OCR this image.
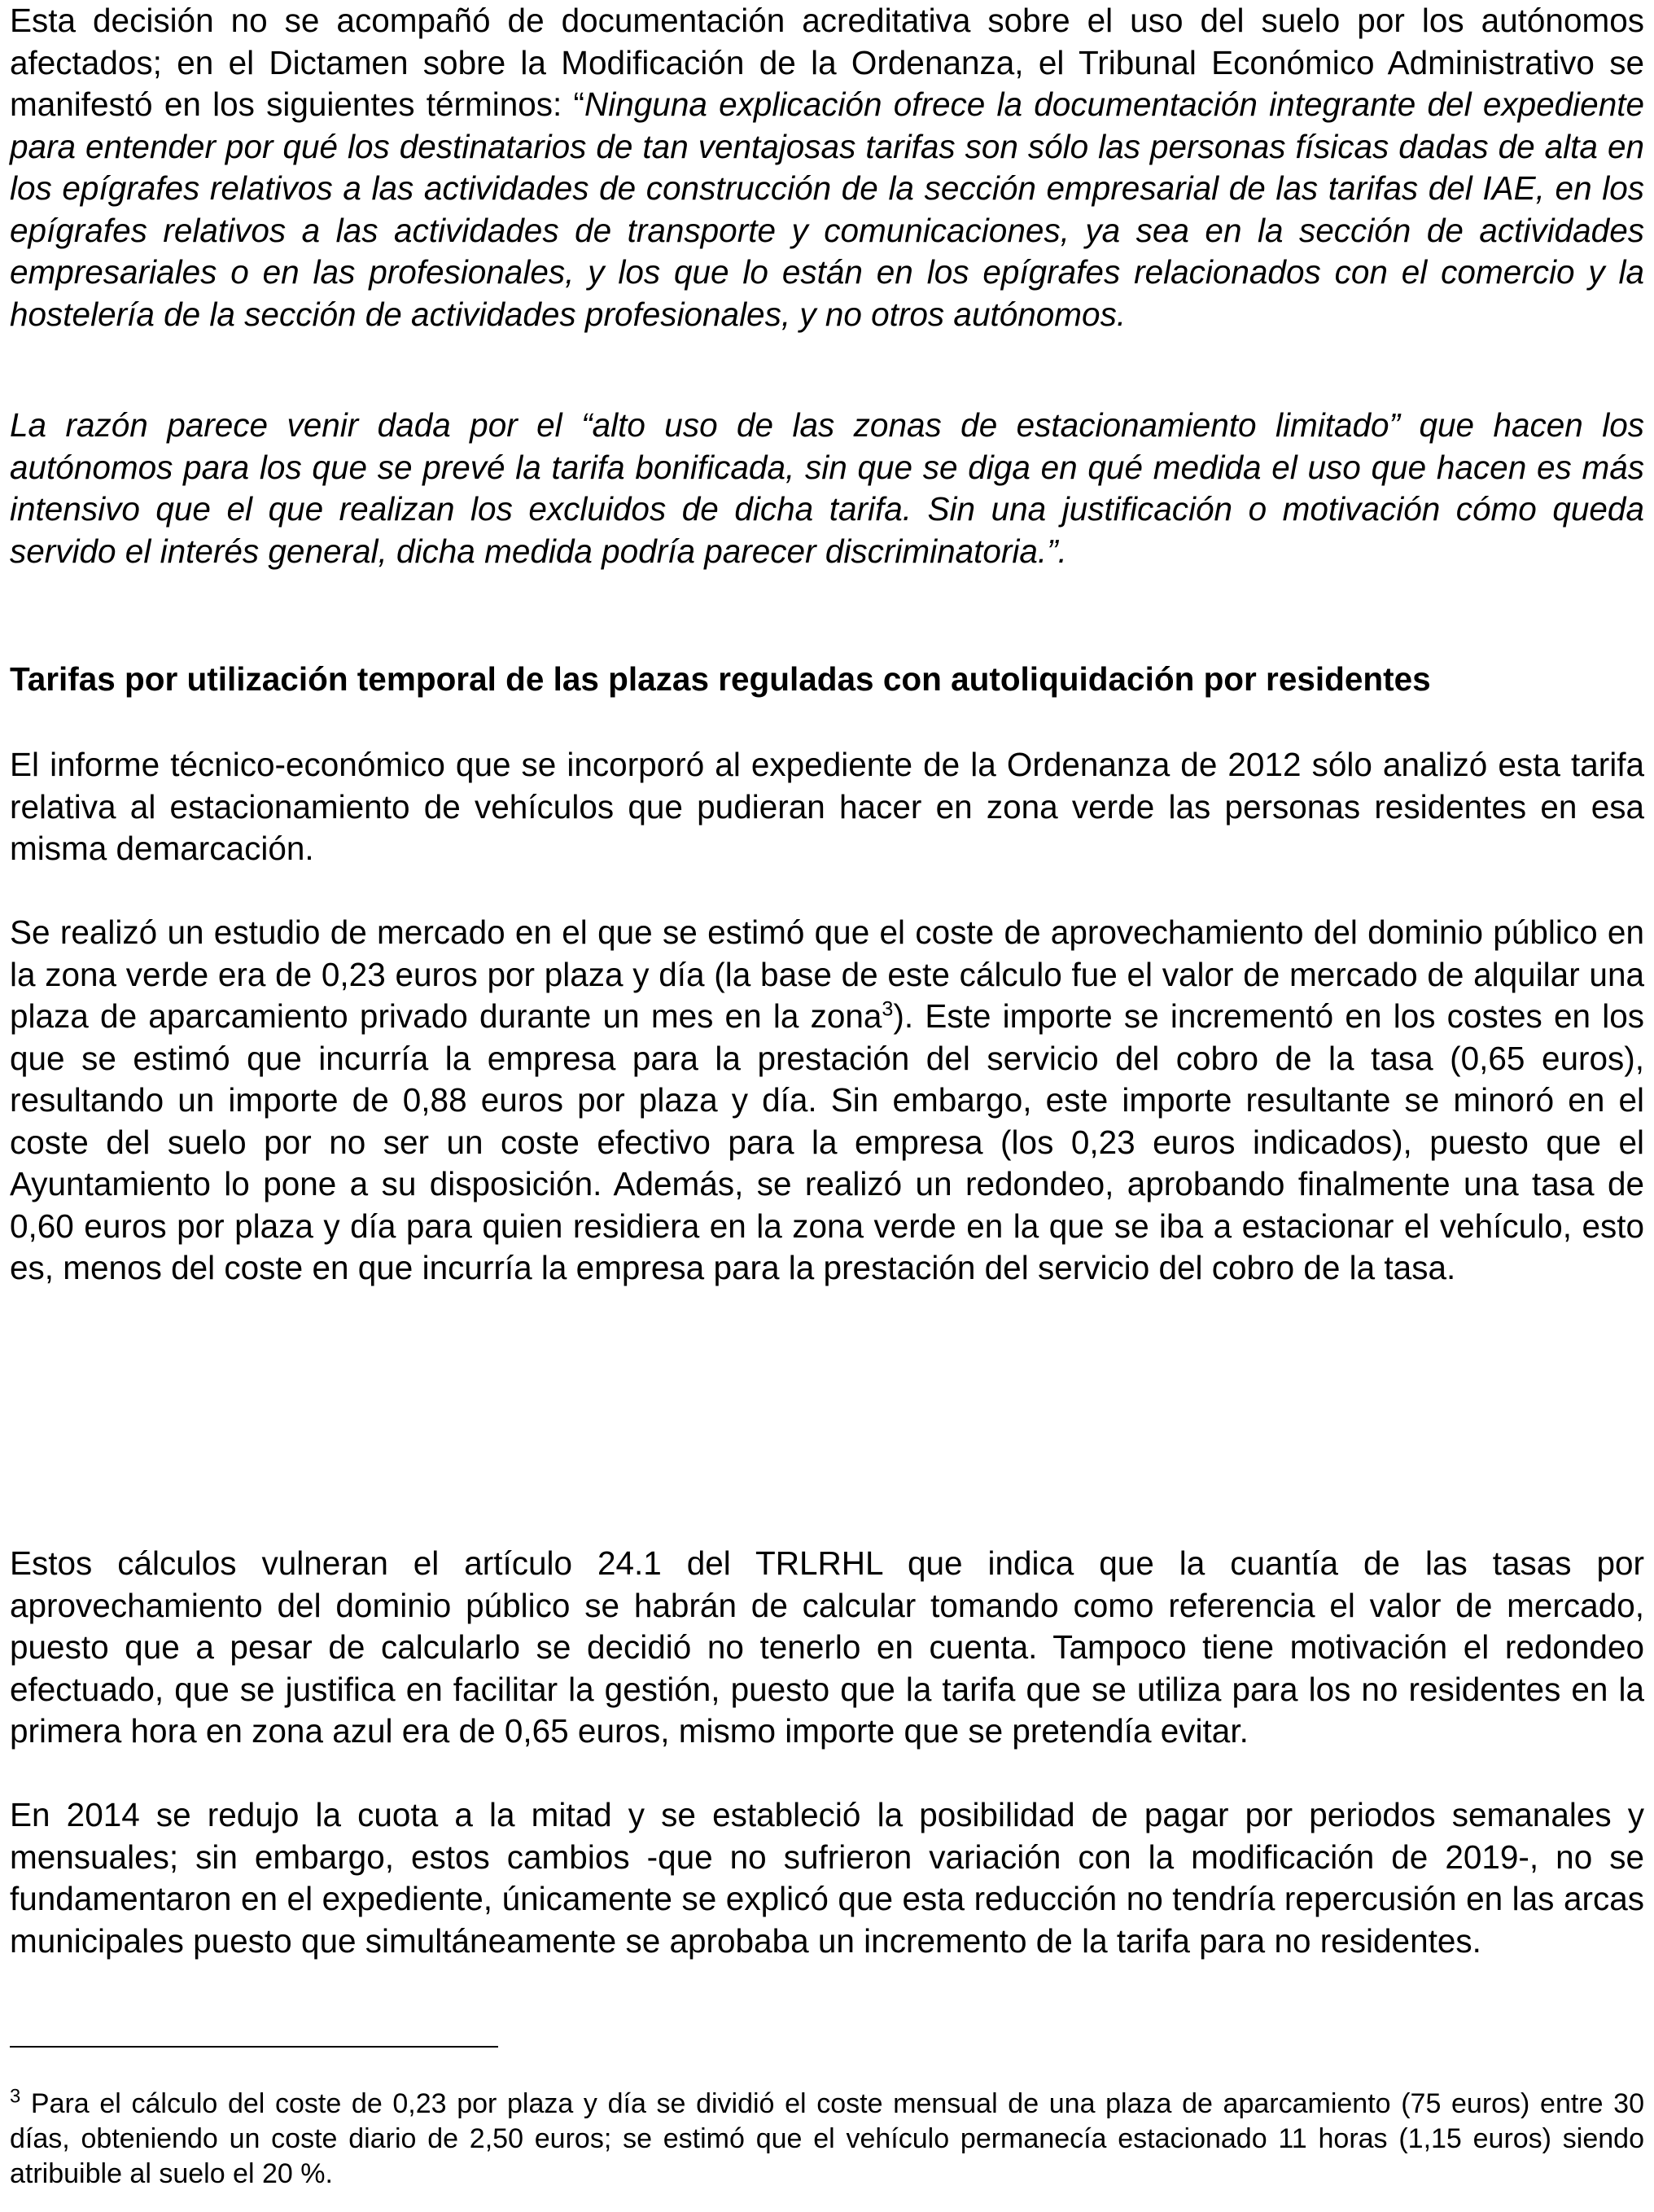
Esta decisión no se acompañó de documentación acreditativa sobre el uso del suelo por los autónomos afectados; en el Dictamen sobre la Modificación de la Ordenanza, el Tribunal Económico Administrativo se manifestó en los siguientes términos: “Ninguna explicación ofrece la documentación integrante del expediente para entender por qué los destinatarios de tan ventajosas tarifas son sólo las personas físicas dadas de alta en los epígrafes relativos a las actividades de construcción de la sección empresarial de las tarifas del IAE, en los epígrafes relativos a las actividades de transporte y comunicaciones, ya sea en la sección de actividades empresariales o en las profesionales, y los que lo están en los epígrafes relacionados con el comercio y la hostelería de la sección de actividades profesionales, y no otros autónomos.

La razón parece venir dada por el “alto uso de las zonas de estacionamiento limitado” que hacen los autónomos para los que se prevé la tarifa bonificada, sin que se diga en qué medida el uso que hacen es más intensivo que el que realizan los excluidos de dicha tarifa. Sin una justificación o motivación cómo queda servido el interés general, dicha medida podría parecer discriminatoria.”.

Tarifas por utilización temporal de las plazas reguladas con autoliquidación por residentes

El informe técnico-económico que se incorporó al expediente de la Ordenanza de 2012 sólo analizó esta tarifa relativa al estacionamiento de vehículos que pudieran hacer en zona verde las personas residentes en esa misma demarcación.

Se realizó un estudio de mercado en el que se estimó que el coste de aprovechamiento del dominio público en la zona verde era de 0,23 euros por plaza y día (la base de este cálculo fue el valor de mercado de alquilar una plaza de aparcamiento privado durante un mes en la zona$^3$). Este importe se incrementó en los costes en los que se estimó que incurría la empresa para la prestación del servicio del cobro de la tasa (0,65 euros), resultando un importe de 0,88 euros por plaza y día. Sin embargo, este importe resultante se minoró en el coste del suelo por no ser un coste efectivo para la empresa (los 0,23 euros indicados), puesto que el Ayuntamiento lo pone a su disposición. Además, se realizó un redondeo, aprobando finalmente una tasa de 0,60 euros por plaza y día para quien residiera en la zona verde en la que se iba a estacionar el vehículo, esto es, menos del coste en que incurría la empresa para la prestación del servicio del cobro de la tasa.

Estos cálculos vulneran el artículo 24.1 del TRLRHL que indica que la cuantía de las tasas por aprovechamiento del dominio público se habrán de calcular tomando como referencia el valor de mercado, puesto que a pesar de calcularlo se decidió no tenerlo en cuenta. Tampoco tiene motivación el redondeo efectuado, que se justifica en facilitar la gestión, puesto que la tarifa que se utiliza para los no residentes en la primera hora en zona azul era de 0,65 euros, mismo importe que se pretendía evitar.

En 2014 se redujo la cuota a la mitad y se estableció la posibilidad de pagar por periodos semanales y mensuales; sin embargo, estos cambios -que no sufrieron variación con la modificación de 2019-, no se fundamentaron en el expediente, únicamente se explicó que esta reducción no tendría repercusión en las arcas municipales puesto que simultáneamente se aprobaba un incremento de la tarifa para no residentes.

$^3$ Para el cálculo del coste de 0,23 por plaza y día se dividió el coste mensual de una plaza de aparcamiento (75 euros) entre 30 días, obteniendo un coste diario de 2,50 euros; se estimó que el vehículo permanecía estacionado 11 horas (1,15 euros) siendo atribuible al suelo el 20 %.
